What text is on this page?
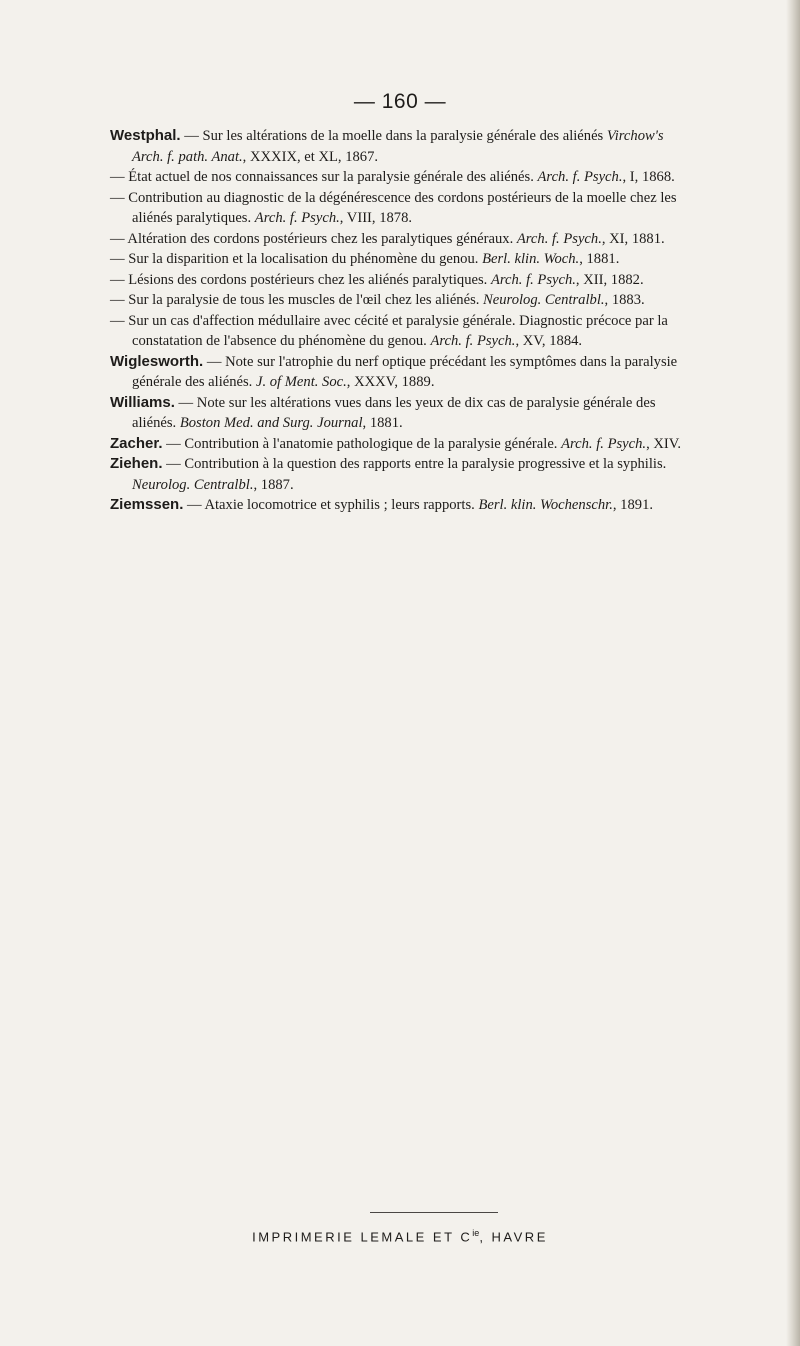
— 160 —

Westphal. — Sur les altérations de la moelle dans la paralysie générale des aliénés Virchow's Arch. f. path. Anat., XXXIX, et XL, 1867.

— État actuel de nos connaissances sur la paralysie générale des aliénés. Arch. f. Psych., I, 1868.

— Contribution au diagnostic de la dégénérescence des cordons postérieurs de la moelle chez les aliénés paralytiques. Arch. f. Psych., VIII, 1878.

— Altération des cordons postérieurs chez les paralytiques généraux. Arch. f. Psych., XI, 1881.

— Sur la disparition et la localisation du phénomène du genou. Berl. klin. Woch., 1881.

— Lésions des cordons postérieurs chez les aliénés paralytiques. Arch. f. Psych., XII, 1882.

— Sur la paralysie de tous les muscles de l'œil chez les aliénés. Neurolog. Centralbl., 1883.

— Sur un cas d'affection médullaire avec cécité et paralysie générale. Diagnostic précoce par la constatation de l'absence du phénomène du genou. Arch. f. Psych., XV, 1884.

Wiglesworth. — Note sur l'atrophie du nerf optique précédant les symptômes dans la paralysie générale des aliénés. J. of Ment. Soc., XXXV, 1889.

Williams. — Note sur les altérations vues dans les yeux de dix cas de paralysie générale des aliénés. Boston Med. and Surg. Journal, 1881.

Zacher. — Contribution à l'anatomie pathologique de la paralysie générale. Arch. f. Psych., XIV.

Ziehen. — Contribution à la question des rapports entre la paralysie progressive et la syphilis. Neurolog. Centralbl., 1887.

Ziemssen. — Ataxie locomotrice et syphilis ; leurs rapports. Berl. klin. Wochenschr., 1891.

IMPRIMERIE LEMALE ET $C^{ie}$, HAVRE
